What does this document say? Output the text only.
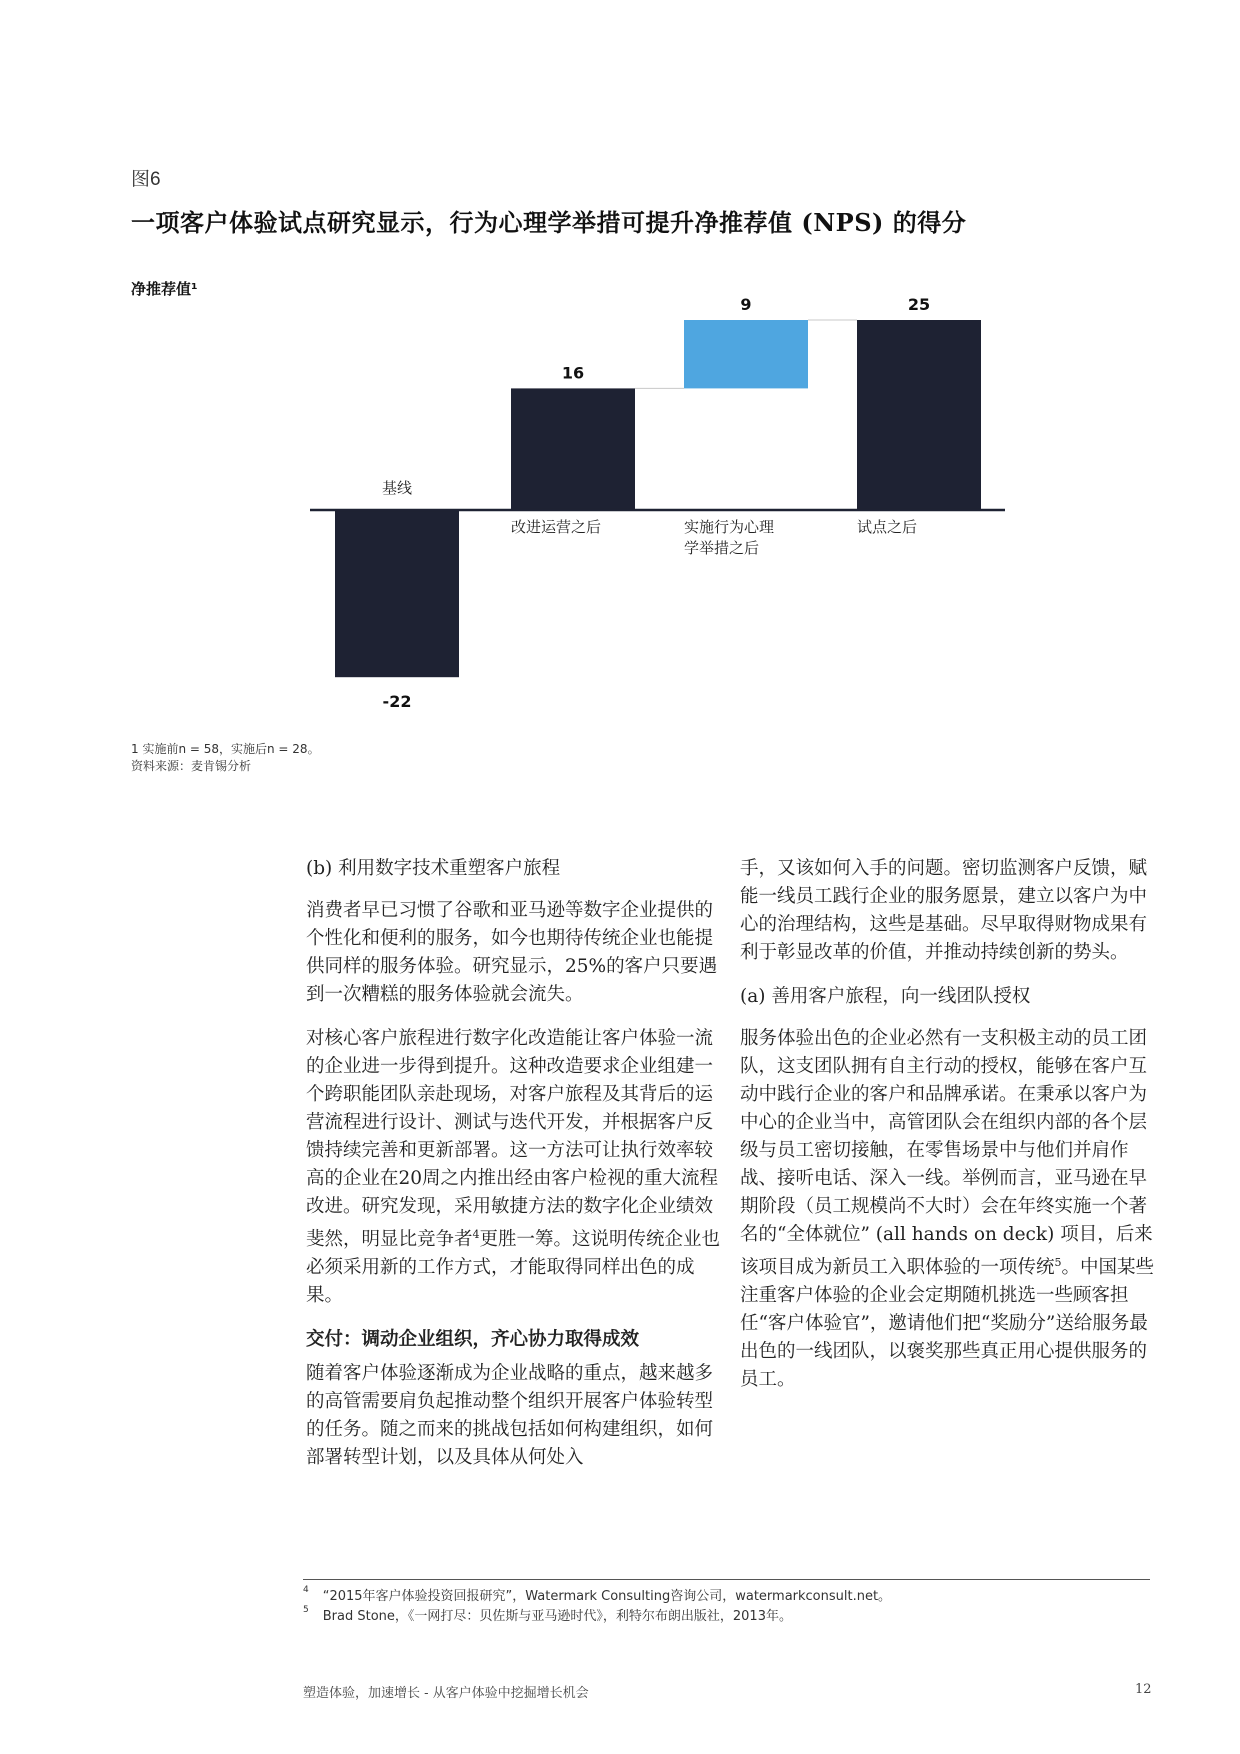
图6
一项客户体验试点研究显示，行为心理学举措可提升净推荐值 (NPS) 的得分
净推荐值¹
-22
16
9	25
基线
改进运营之后	实施行为心理
学举措之后
试点之后
1 实施前n = 58，实施后n = 28。
资料来源：麦肯锡分析
(b) 利用数字技术重塑客户旅程

消费者早已习惯了谷歌和亚马逊等数字企业提供的个性化和便利的服务，如今也期待传统企业也能提供同样的服务体验。研究显示，25%的客户只要遇到一次糟糕的服务体验就会流失。

对核心客户旅程进行数字化改造能让客户体验一流的企业进一步得到提升。这种改造要求企业组建一个跨职能团队亲赴现场，对客户旅程及其背后的运营流程进行设计、测试与迭代开发，并根据客户反馈持续完善和更新部署。这一方法可让执行效率较高的企业在20周之内推出经由客户检视的重大流程改进。研究发现，采用敏捷方法的数字化企业绩效斐然，明显比竞争者$^4$更胜一筹。这说明传统企业也必须采用新的工作方式，才能取得同样出色的成果。

交付：调动企业组织，齐心协力取得成效

随着客户体验逐渐成为企业战略的重点，越来越多的高管需要肩负起推动整个组织开展客户体验转型的任务。随之而来的挑战包括如何构建组织，如何部署转型计划，以及具体从何处入

手，又该如何入手的问题。密切监测客户反馈，赋能一线员工践行企业的服务愿景，建立以客户为中心的治理结构，这些是基础。尽早取得财物成果有利于彰显改革的价值，并推动持续创新的势头。

(a) 善用客户旅程，向一线团队授权

服务体验出色的企业必然有一支积极主动的员工团队，这支团队拥有自主行动的授权，能够在客户互动中践行企业的客户和品牌承诺。在秉承以客户为中心的企业当中，高管团队会在组织内部的各个层级与员工密切接触，在零售场景中与他们并肩作战、接听电话、深入一线。举例而言，亚马逊在早期阶段（员工规模尚不大时）会在年终实施一个著名的“全体就位” (all hands on deck) 项目，后来该项目成为新员工入职体验的一项传统$^5$。中国某些注重客户体验的企业会定期随机挑选一些顾客担任“客户体验官”，邀请他们把“奖励分”送给服务最出色的一线团队，以褒奖那些真正用心提供服务的员工。

$^4$ “2015年客户体验投资回报研究”，Watermark Consulting咨询公司，watermarkconsult.net。
$^5$ Brad Stone，《一网打尽：贝佐斯与亚马逊时代》，利特尔布朗出版社，2013年。
塑造体验，加速增长 - 从客户体验中挖掘增长机会	12
